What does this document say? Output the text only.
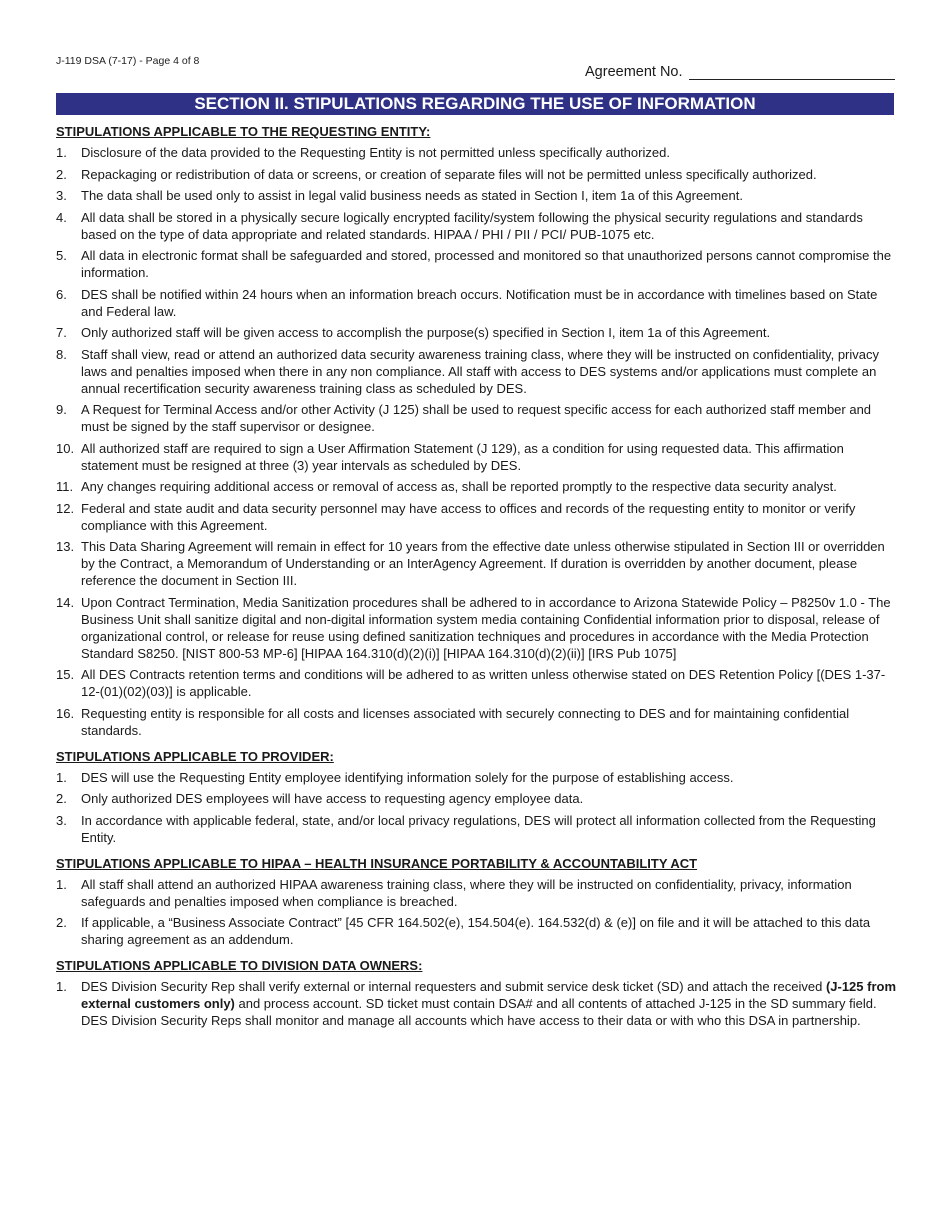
J-119 DSA (7-17) - Page 4 of 8
Agreement No.
SECTION II. STIPULATIONS REGARDING THE USE OF INFORMATION
STIPULATIONS APPLICABLE TO THE REQUESTING ENTITY:
1.	Disclosure of the data provided to the Requesting Entity is not permitted unless specifically authorized.
2.	Repackaging or redistribution of data or screens, or creation of separate files will not be permitted unless specifically authorized.
3.	The data shall be used only to assist in legal valid business needs as stated in Section I, item 1a of this Agreement.
4.	All data shall be stored in a physically secure logically encrypted facility/system following the physical security regulations and standards based on the type of data appropriate and related standards. HIPAA / PHI / PII / PCI/ PUB-1075 etc.
5.	All data in electronic format shall be safeguarded and stored, processed and monitored so that unauthorized persons cannot compromise the information.
6.	DES shall be notified within 24 hours when an information breach occurs. Notification must be in accordance with timelines based on State and Federal law.
7.	Only authorized staff will be given access to accomplish the purpose(s) specified in Section I, item 1a of this Agreement.
8.	Staff shall view, read or attend an authorized data security awareness training class, where they will be instructed on confidentiality, privacy laws and penalties imposed when there in any non compliance. All staff with access to DES systems and/or applications must complete an annual recertification security awareness training class as scheduled by DES.
9.	A Request for Terminal Access and/or other Activity (J 125) shall be used to request specific access for each authorized staff member and must be signed by the staff supervisor or designee.
10. All authorized staff are required to sign a User Affirmation Statement (J 129), as a condition for using requested data. This affirmation statement must be resigned at three (3) year intervals as scheduled by DES.
11. Any changes requiring additional access or removal of access as, shall be reported promptly to the respective data security analyst.
12. Federal and state audit and data security personnel may have access to offices and records of the requesting entity to monitor or verify compliance with this Agreement.
13. This Data Sharing Agreement will remain in effect for 10 years from the effective date unless otherwise stipulated in Section III or overridden by the Contract, a Memorandum of Understanding or an InterAgency Agreement. If duration is overridden by another document, please reference the document in Section III.
14. Upon Contract Termination, Media Sanitization procedures shall be adhered to in accordance to Arizona Statewide Policy – P8250v 1.0 - The Business Unit shall sanitize digital and non-digital information system media containing Confidential information prior to disposal, release of organizational control, or release for reuse using defined sanitization techniques and procedures in accordance with the Media Protection Standard S8250. [NIST 800-53 MP-6] [HIPAA 164.310(d)(2)(i)] [HIPAA 164.310(d)(2)(ii)] [IRS Pub 1075]
15. All DES Contracts retention terms and conditions will be adhered to as written unless otherwise stated on DES Retention Policy [(DES 1-37-12-(01)(02)(03)] is applicable.
16. Requesting entity is responsible for all costs and licenses associated with securely connecting to DES and for maintaining confidential standards.
STIPULATIONS APPLICABLE TO PROVIDER:
1.	DES will use the Requesting Entity employee identifying information solely for the purpose of establishing access.
2.	Only authorized DES employees will have access to requesting agency employee data.
3.	In accordance with applicable federal, state, and/or local privacy regulations, DES will protect all information collected from the Requesting Entity.
STIPULATIONS APPLICABLE TO HIPAA – HEALTH INSURANCE PORTABILITY & ACCOUNTABILITY ACT
1.	All staff shall attend an authorized HIPAA awareness training class, where they will be instructed on confidentiality, privacy, information safeguards and penalties imposed when compliance is breached.
2.	If applicable, a “Business Associate Contract” [45 CFR 164.502(e), 154.504(e). 164.532(d) & (e)] on file and it will be attached to this data sharing agreement as an addendum.
STIPULATIONS APPLICABLE TO DIVISION DATA OWNERS:
1.	DES Division Security Rep shall verify external or internal requesters and submit service desk ticket (SD) and attach the received (J-125 from external customers only) and process account. SD ticket must contain DSA# and all contents of attached J-125 in the SD summary field. DES Division Security Reps shall monitor and manage all accounts which have access to their data or with who this DSA in partnership.
